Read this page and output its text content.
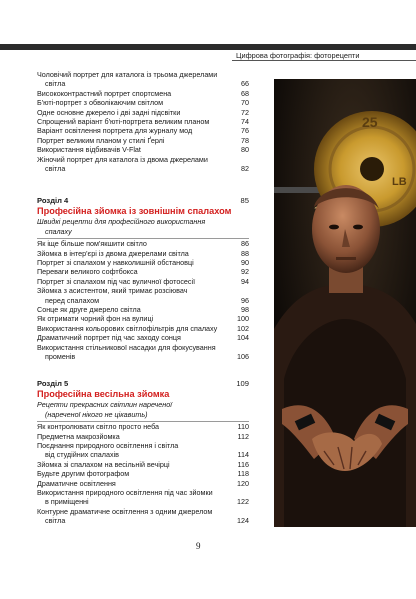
Цифрова фотографія: фоторецепти
Чоловічий портрет для каталога із трьома джерелами
світла	66
Висококонтрастний портрет спортсмена	68
Б'юті-портрет з обволікаючим світлом	70
Одне основне джерело і дві задні підсвітки	72
Спрощений варіант б'юті-портрета великим планом	74
Варіант освітлення портрета для журналу мод	76
Портрет великим планом у стилі Ґерлі	78
Використання відбивачів V-Flat	80
Жіночий портрет для каталога із двома джерелами
світла	82
Розділ 4	85
Професійна зйомка із зовнішнім спалахом
Швидкі рецепти для професійного використання
спалаху
Як іще більше пом'якшити світло	86
Зйомка в інтер'єрі із двома джерелами світла	88
Портрет зі спалахом у навколишній обстановці	90
Переваги великого софтбокса	92
Портрет зі спалахом під час вуличної фотосесії	94
Зйомка з асистентом, який тримає розсіювач
перед спалахом	96
Сонце як друге джерело світла	98
Як отримати чорний фон на вулиці	100
Використання кольорових світлофільтрів для спалаху	102
Драматичний портрет під час заходу сонця	104
Використання стільникової насадки для фокусування
променів	106
Розділ 5	109
Професійна весільна зйомка
Рецепти прекрасних світлин нареченої
(нареченої нікого не цікавить)
Як контролювати світло просто неба	110
Предметна макрозйомка	112
Поєднання природного освітлення і світла
від студійних спалахів	114
Зйомка зі спалахом на весільній вечірці	116
Будьте другим фотографом	118
Драматичне освітлення	120
Використання природного освітлення під час зйомки
в приміщенні	122
Контурне драматичне освітлення з одним джерелом
світла	124
25
LB
9
